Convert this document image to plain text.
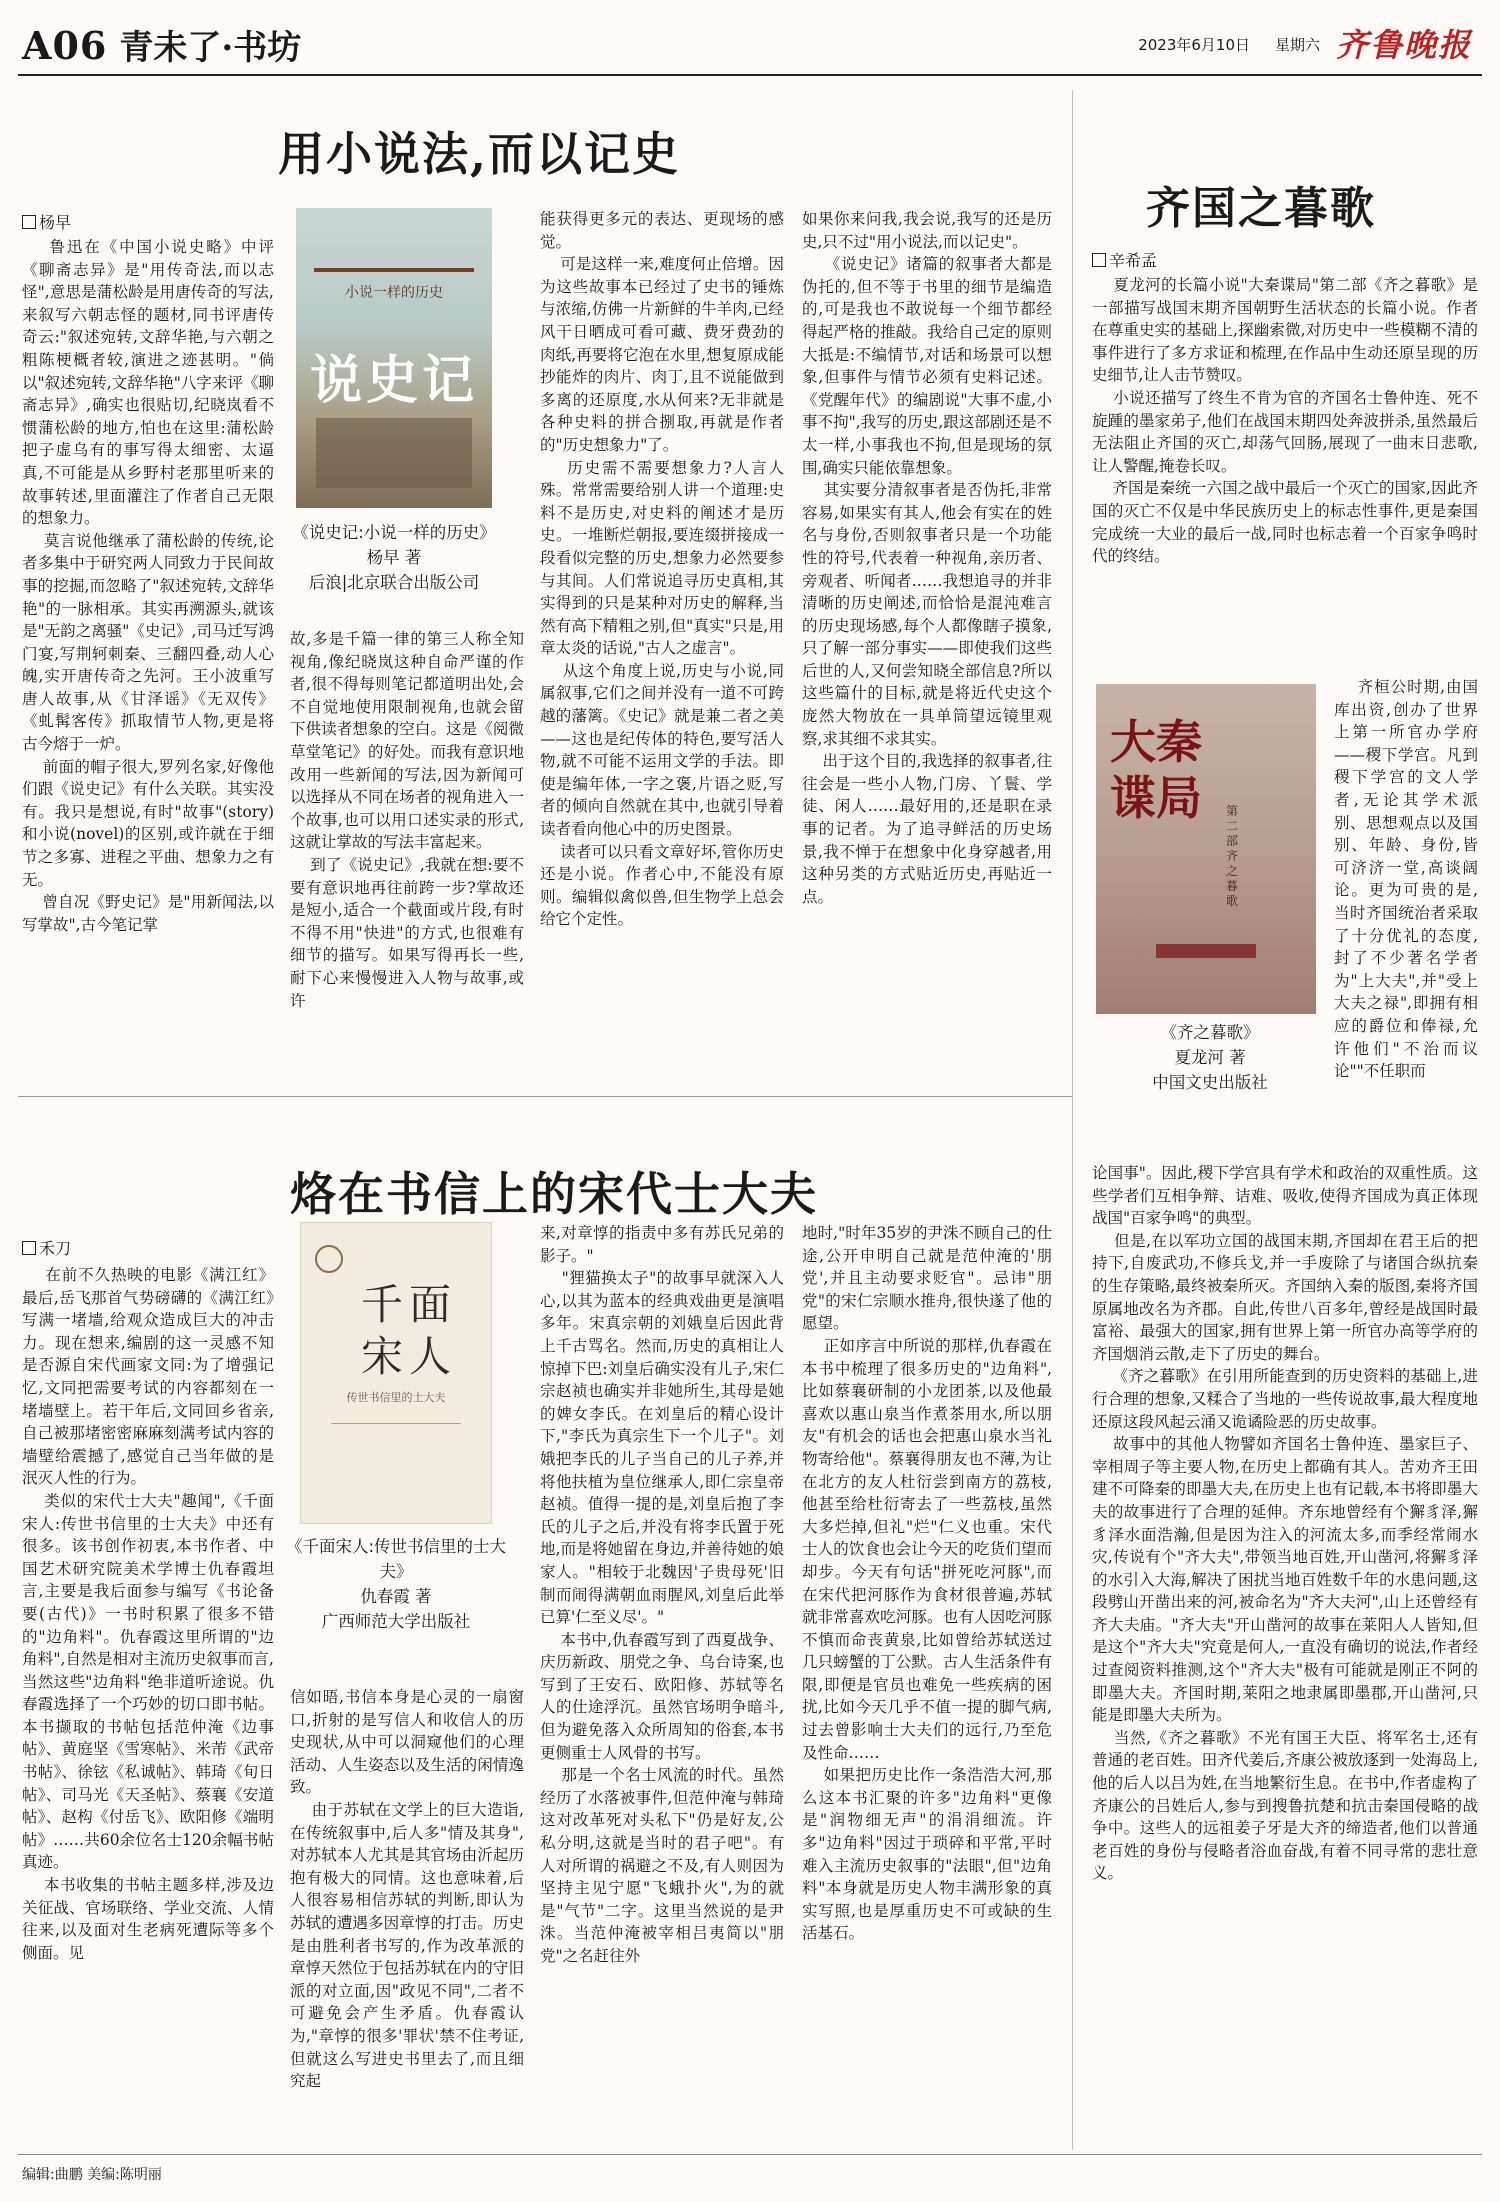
A06 青未了·书坊	2023年6月10日 星期六 齐鲁晚报
用小说法,而以记史
杨早
鲁迅在《中国小说史略》中评《聊斋志异》是"用传奇法,而以志怪",意思是蒲松龄是用唐传奇的写法,来叙写六朝志怪的题材,同书评唐传奇云:"叙述宛转,文辞华艳,与六朝之粗陈梗概者较,演进之迹甚明。"倘以"叙述宛转,文辞华艳"八字来评《聊斋志异》,确实也很贴切,纪晓岚看不惯蒲松龄的地方,怕也在这里:蒲松龄把子虚乌有的事写得太细密、太逼真,不可能是从乡野村老那里听来的故事转述,里面灌注了作者自己无限的想象力。
莫言说他继承了蒲松龄的传统,论者多集中于研究两人同致力于民间故事的挖掘,而忽略了"叙述宛转,文辞华艳"的一脉相承。其实再溯源头,就该是"无韵之离骚"《史记》,司马迁写鸿门宴,写荆轲刺秦、三翻四叠,动人心魄,实开唐传奇之先河。王小波重写唐人故事,从《甘泽谣》《无双传》《虬髯客传》抓取情节人物,更是将古今熔于一炉。
前面的帽子很大,罗列名家,好像他们跟《说史记》有什么关联。其实没有。我只是想说,有时"故事"(story)和小说(novel)的区别,或许就在于细节之多寡、进程之平曲、想象力之有无。
曾自况《野史记》是"用新闻法,以写掌故",古今笔记掌
小说一样的历史
说史记
《说史记:小说一样的历史》
杨早 著
后浪|北京联合出版公司
故,多是千篇一律的第三人称全知视角,像纪晓岚这种自命严谨的作者,很不得每则笔记都道明出处,会不自觉地使用限制视角,也就会留下供读者想象的空白。这是《阅微草堂笔记》的好处。而我有意识地改用一些新闻的写法,因为新闻可以选择从不同在场者的视角进入一个故事,也可以用口述实录的形式,这就让掌故的写法丰富起来。
到了《说史记》,我就在想:要不要有意识地再往前跨一步?掌故还是短小,适合一个截面或片段,有时不得不用"快进"的方式,也很难有细节的描写。如果写得再长一些,耐下心来慢慢进入人物与故事,或许
能获得更多元的表达、更现场的感觉。
可是这样一来,难度何止倍增。因为这些故事本已经过了史书的锤炼与浓缩,仿佛一片新鲜的牛羊肉,已经风干日晒成可看可藏、费牙费劲的肉纸,再要将它泡在水里,想复原成能抄能炸的肉片、肉丁,且不说能做到多离的还原度,水从何来?无非就是各种史料的拼合捌取,再就是作者的"历史想象力"了。
历史需不需要想象力?人言人殊。常常需要给别人讲一个道理:史料不是历史,对史料的阐述才是历史。一堆断烂朝报,要连缀拼接成一段看似完整的历史,想象力必然要参与其间。人们常说追寻历史真相,其实得到的只是某种对历史的解释,当然有高下精粗之别,但"真实"只是,用章太炎的话说,"古人之虚言"。
从这个角度上说,历史与小说,同属叙事,它们之间并没有一道不可跨越的藩篱。《史记》就是兼二者之美——这也是纪传体的特色,要写活人物,就不可能不运用文学的手法。即使是编年体,一字之褒,片语之贬,写者的倾向自然就在其中,也就引导着读者看向他心中的历史图景。
读者可以只看文章好坏,管你历史还是小说。作者心中,不能没有原则。编辑似禽似兽,但生物学上总会给它个定性。
如果你来问我,我会说,我写的还是历史,只不过"用小说法,而以记史"。
《说史记》诸篇的叙事者大都是伪托的,但不等于书里的细节是编造的,可是我也不敢说每一个细节都经得起严格的推敲。我给自己定的原则大抵是:不编情节,对话和场景可以想象,但事件与情节必须有史料记述。《党醒年代》的编剧说"大事不虚,小事不拘",我写的历史,跟这部剧还是不太一样,小事我也不拘,但是现场的氛围,确实只能依靠想象。
其实要分清叙事者是否伪托,非常容易,如果实有其人,他会有实在的姓名与身份,否则叙事者只是一个功能性的符号,代表着一种视角,亲历者、旁观者、听闻者……我想追寻的并非清晰的历史阐述,而恰恰是混沌难言的历史现场感,每个人都像瞎子摸象,只了解一部分事实——即使我们这些后世的人,又何尝知晓全部信息?所以这些篇什的目标,就是将近代史这个庞然大物放在一具单筒望远镜里观察,求其细不求其实。
出于这个目的,我选择的叙事者,往往会是一些小人物,门房、丫鬟、学徒、闲人……最好用的,还是职在录事的记者。为了追寻鲜活的历史场景,我不惮于在想象中化身穿越者,用这种另类的方式贴近历史,再贴近一点。
烙在书信上的宋代士大夫
禾刀
在前不久热映的电影《满江红》最后,岳飞那首气势磅礴的《满江红》写满一堵墙,给观众造成巨大的冲击力。现在想来,编剧的这一灵感不知是否源自宋代画家文同:为了增强记忆,文同把需要考试的内容都刻在一堵墙壁上。若干年后,文同回乡省亲,自己被那堵密密麻麻刻满考试内容的墙壁给震撼了,感觉自己当年做的是泯灭人性的行为。
类似的宋代士大夫"趣闻",《千面宋人:传世书信里的士大夫》中还有很多。该书创作初衷,本书作者、中国艺术研究院美术学博士仇春霞坦言,主要是我后面参与编写《书论备要(古代)》一书时积累了很多不错的"边角料"。仇春霞这里所谓的"边角料",自然是相对主流历史叙事而言,当然这些"边角料"绝非道听途说。仇春霞选择了一个巧妙的切口即书帖。本书撷取的书帖包括范仲淹《边事帖》、黄庭坚《雪寒帖》、米芾《武帝书帖》、徐铉《私诚帖》、韩琦《旬日帖》、司马光《天圣帖》、蔡襄《安道帖》、赵构《付岳飞》、欧阳修《端明帖》……共60余位名士120余幅书帖真迹。
本书收集的书帖主题多样,涉及边关征战、官场联络、学业交流、人情往来,以及面对生老病死遭际等多个侧面。见
千面宋人
传世书信里的士大夫
《千面宋人:传世书信里的士大夫》
仇春霞 著
广西师范大学出版社
信如晤,书信本身是心灵的一扇窗口,折射的是写信人和收信人的历史现状,从中可以洞窥他们的心理活动、人生姿态以及生活的闲情逸致。
由于苏轼在文学上的巨大造诣,在传统叙事中,后人多"情及其身",对苏轼本人尤其是其官场由沂起历抱有极大的同情。这也意味着,后人很容易相信苏轼的判断,即认为苏轼的遭遇多因章惇的打击。历史是由胜利者书写的,作为改革派的章惇天然位于包括苏轼在内的守旧派的对立面,因"政见不同",二者不可避免会产生矛盾。仇春霞认为,"章惇的很多'罪状'禁不住考证,但就这么写进史书里去了,而且细究起
来,对章惇的指责中多有苏氏兄弟的影子。"
"狸猫换太子"的故事早就深入人心,以其为蓝本的经典戏曲更是演唱多年。宋真宗朝的刘娥皇后因此背上千古骂名。然而,历史的真相让人惊掉下巴:刘皇后确实没有儿子,宋仁宗赵祯也确实并非她所生,其母是她的婢女李氏。在刘皇后的精心设计下,"李氏为真宗生下一个儿子"。刘娥把李氏的儿子当自己的儿子养,并将他扶植为皇位继承人,即仁宗皇帝赵祯。值得一提的是,刘皇后抱了李氏的儿子之后,并没有将李氏置于死地,而是将她留在身边,并善待她的娘家人。"相较于北魏因'子贵母死'旧制而闹得满朝血雨腥风,刘皇后此举已算'仁至义尽'。"
本书中,仇春霞写到了西夏战争、庆历新政、朋党之争、乌台诗案,也写到了王安石、欧阳修、苏轼等名人的仕途浮沉。虽然官场明争暗斗,但为避免落入众所周知的俗套,本书更侧重士人风骨的书写。
那是一个名士风流的时代。虽然经历了水落被事件,但范仲淹与韩琦这对改革死对头私下"仍是好友,公私分明,这就是当时的君子吧"。有人对所谓的祸避之不及,有人则因为坚持主见宁愿"飞蛾扑火",为的就是"气节"二字。这里当然说的是尹洙。当范仲淹被宰相吕夷简以"朋党"之名赶往外
地时,"时年35岁的尹洙不顾自己的仕途,公开申明自己就是范仲淹的'朋党',并且主动要求贬官"。忌讳"朋党"的宋仁宗顺水推舟,很快遂了他的愿望。
正如序言中所说的那样,仇春霞在本书中梳理了很多历史的"边角料",比如蔡襄研制的小龙团茶,以及他最喜欢以惠山泉当作煮茶用水,所以朋友"有机会的话也会把惠山泉水当礼物寄给他"。蔡襄得朋友也不薄,为让在北方的友人杜衍尝到南方的荔枝,他甚至给杜衍寄去了一些荔枝,虽然大多烂掉,但礼"烂"仁义也重。宋代士人的饮食也会让今天的吃货们望而却步。今天有句话"拼死吃河豚",而在宋代把河豚作为食材很普遍,苏轼就非常喜欢吃河豚。也有人因吃河豚不慎而命丧黄泉,比如曾给苏轼送过几只螃蟹的丁公默。古人生活条件有限,即便是官员也难免一些疾病的困扰,比如今天几乎不值一提的脚气病,过去曾影响士大夫们的远行,乃至危及性命……
如果把历史比作一条浩浩大河,那么这本书汇聚的许多"边角料"更像是"润物细无声"的涓涓细流。许多"边角料"因过于琐碎和平常,平时难入主流历史叙事的"法眼",但"边角料"本身就是历史人物丰满形象的真实写照,也是厚重历史不可或缺的生活基石。
齐国之暮歌
辛希孟
夏龙河的长篇小说"大秦谍局"第二部《齐之暮歌》是一部描写战国末期齐国朝野生活状态的长篇小说。作者在尊重史实的基础上,探幽索微,对历史中一些模糊不清的事件进行了多方求证和梳理,在作品中生动还原呈现的历史细节,让人击节赞叹。
小说还描写了终生不肯为官的齐国名士鲁仲连、死不旋踵的墨家弟子,他们在战国末期四处奔波拼杀,虽然最后无法阻止齐国的灭亡,却荡气回肠,展现了一曲末日悲歌,让人警醒,掩卷长叹。
齐国是秦统一六国之战中最后一个灭亡的国家,因此齐国的灭亡不仅是中华民族历史上的标志性事件,更是秦国完成统一大业的最后一战,同时也标志着一个百家争鸣时代的终结。
大秦谍局	第二部 齐之暮歌
《齐之暮歌》
夏龙河 著
中国文史出版社
齐桓公时期,由国库出资,创办了世界上第一所官办学府——稷下学宫。凡到稷下学宫的文人学者,无论其学术派别、思想观点以及国别、年龄、身份,皆可济济一堂,高谈阔论。更为可贵的是,当时齐国统治者采取了十分优礼的态度,封了不少著名学者为"上大夫",并"受上大夫之禄",即拥有相应的爵位和俸禄,允许他们"不治而议论""不任职而
论国事"。因此,稷下学宫具有学术和政治的双重性质。这些学者们互相争辩、诘难、吸收,使得齐国成为真正体现战国"百家争鸣"的典型。
但是,在以军功立国的战国末期,齐国却在君王后的把持下,自废武功,不修兵戈,并一手废除了与诸国合纵抗秦的生存策略,最终被秦所灭。齐国纳入秦的版图,秦将齐国原属地改名为齐郡。自此,传世八百多年,曾经是战国时最富裕、最强大的国家,拥有世界上第一所官办高等学府的齐国烟消云散,走下了历史的舞台。
《齐之暮歌》在引用所能查到的历史资料的基础上,进行合理的想象,又糅合了当地的一些传说故事,最大程度地还原这段风起云涌又诡谲险恶的历史故事。
故事中的其他人物譬如齐国名士鲁仲连、墨家巨子、宰相周子等主要人物,在历史上都确有其人。苦劝齐王田建不可降秦的即墨大夫,在历史上也有记载,本书将即墨大夫的故事进行了合理的延伸。齐东地曾经有个獬豸泽,獬豸泽水面浩瀚,但是因为注入的河流太多,而季经常闹水灾,传说有个"齐大夫",带领当地百姓,开山凿河,将獬豸泽的水引入大海,解决了困扰当地百姓数千年的水患问题,这段劈山开凿出来的河,被命名为"齐大夫河",山上还曾经有齐大夫庙。"齐大夫"开山凿河的故事在莱阳人人皆知,但是这个"齐大夫"究竟是何人,一直没有确切的说法,作者经过查阅资料推测,这个"齐大夫"极有可能就是刚正不阿的即墨大夫。齐国时期,莱阳之地隶属即墨郡,开山凿河,只能是即墨大夫所为。
当然,《齐之暮歌》不光有国王大臣、将军名士,还有普通的老百姓。田齐代姜后,齐康公被放逐到一处海岛上,他的后人以吕为姓,在当地繁衍生息。在书中,作者虚构了齐康公的吕姓后人,参与到搜鲁抗楚和抗击秦国侵略的战争中。这些人的远祖姜子牙是大齐的缔造者,他们以普通老百姓的身份与侵略者浴血奋战,有着不同寻常的悲壮意义。
编辑:曲鹏 美编:陈明丽
